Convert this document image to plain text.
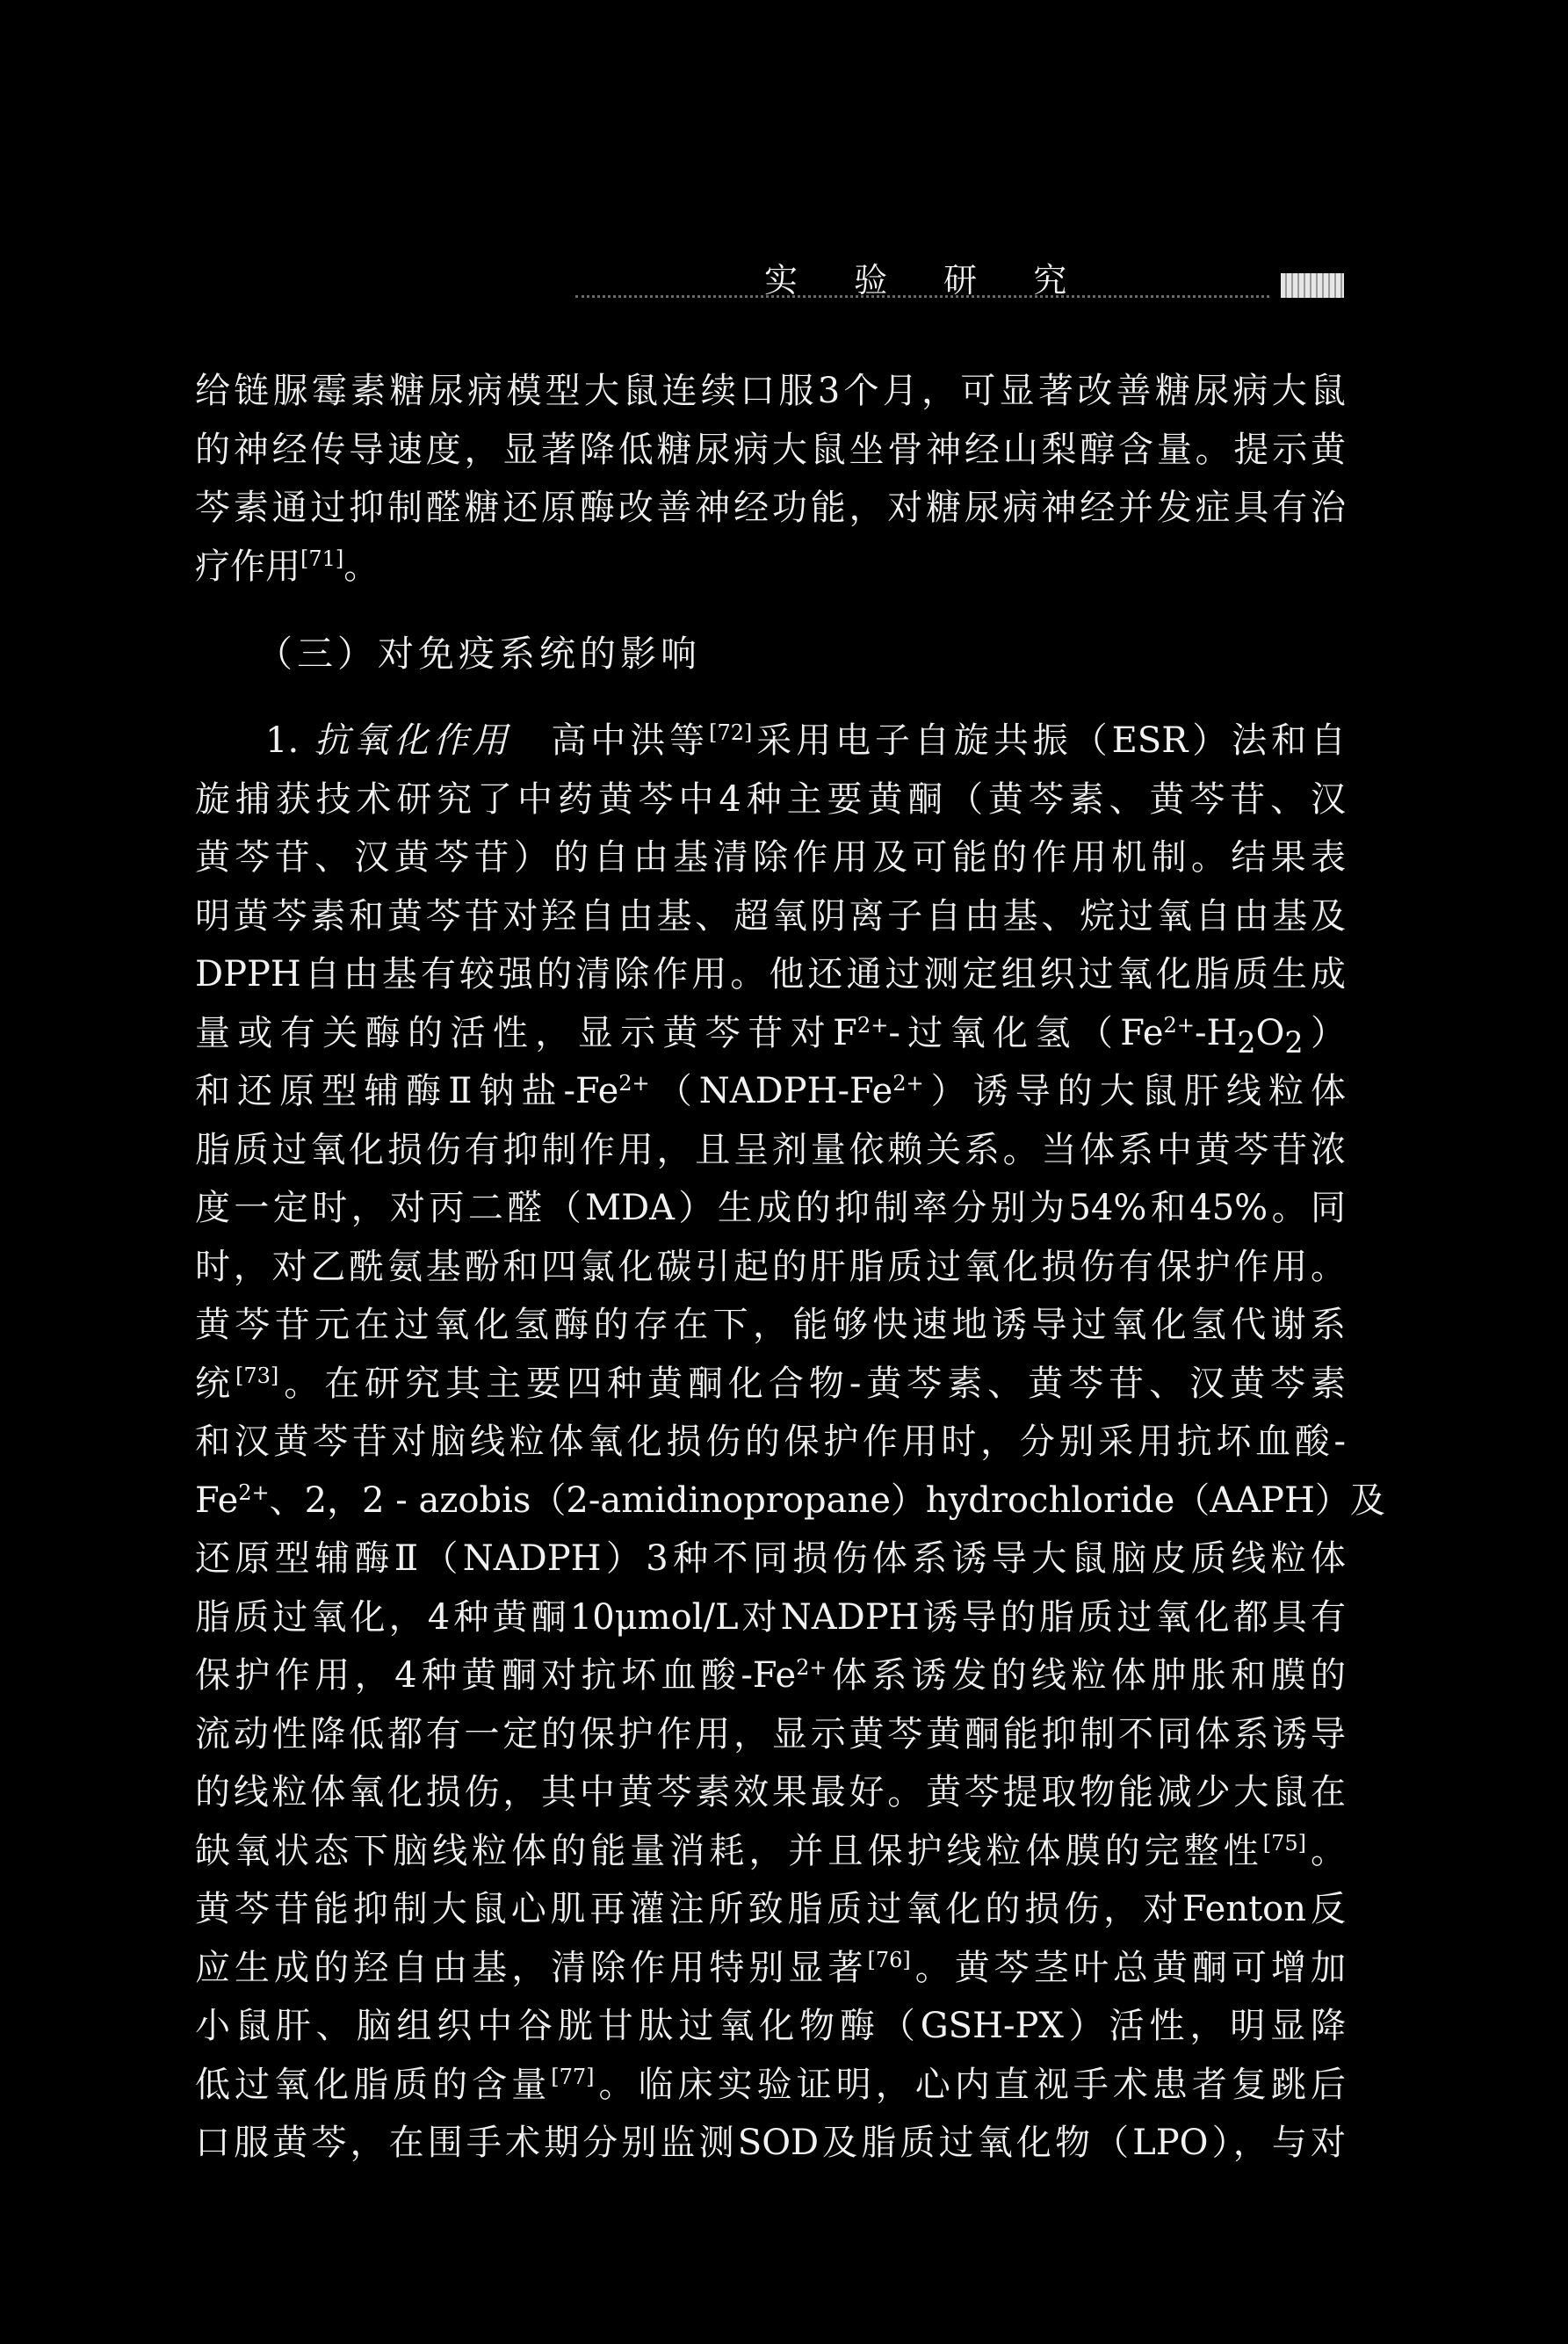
实 验 研 究
给链脲霉素糖尿病模型大鼠连续口服3个月，可显著改善糖尿病大鼠
的神经传导速度，显著降低糖尿病大鼠坐骨神经山梨醇含量。提示黄
芩素通过抑制醛糖还原酶改善神经功能，对糖尿病神经并发症具有治
疗作用[71]。
（三）对免疫系统的影响
1. 抗氧化作用　 高中洪等[72]采用电子自旋共振（ESR）法和自
旋捕获技术研究了中药黄芩中4种主要黄酮（黄芩素、黄芩苷、汉
黄芩苷、汉黄芩苷）的自由基清除作用及可能的作用机制。结果表
明黄芩素和黄芩苷对羟自由基、超氧阴离子自由基、烷过氧自由基及
DPPH自由基有较强的清除作用。他还通过测定组织过氧化脂质生成
量或有关酶的活性，显示黄芩苷对$F^{2+}-$过氧化氢$(Fe^{2+}-H_2O_2)$
和还原型辅酶Ⅱ钠盐$-Fe^{2+}(NADPH-Fe^{2+})$诱导的大鼠肝线粒体
脂质过氧化损伤有抑制作用，且呈剂量依赖关系。当体系中黄芩苷浓
度一定时，对丙二醛（MDA）生成的抑制率分别为54%和45%。同
时，对乙酰氨基酚和四氯化碳引起的肝脂质过氧化损伤有保护作用。
黄芩苷元在过氧化氢酶的存在下，能够快速地诱导过氧化氢代谢系
统[73]。在研究其主要四种黄酮化合物-黄芩素、黄芩苷、汉黄芩素
和汉黄芩苷对脑线粒体氧化损伤的保护作用时，分别采用抗坏血酸-
$Fe^{2+}$、2，2 - azobis（2-amidinopropane）hydrochloride（AAPH）及
还原型辅酶Ⅱ（NADPH）3种不同损伤体系诱导大鼠脑皮质线粒体
脂质过氧化，4种黄酮10μmol/L对NADPH诱导的脂质过氧化都具有
保护作用，4种黄酮对抗坏血酸$-Fe^{2+}$体系诱发的线粒体肿胀和膜的
流动性降低都有一定的保护作用，显示黄芩黄酮能抑制不同体系诱导
的线粒体氧化损伤，其中黄芩素效果最好。黄芩提取物能减少大鼠在
缺氧状态下脑线粒体的能量消耗，并且保护线粒体膜的完整性[75]。
黄芩苷能抑制大鼠心肌再灌注所致脂质过氧化的损伤，对Fenton反
应生成的羟自由基，清除作用特别显著[76]。黄芩茎叶总黄酮可增加
小鼠肝、脑组织中谷胱甘肽过氧化物酶（GSH-PX）活性，明显降
低过氧化脂质的含量[77]。临床实验证明，心内直视手术患者复跳后
口服黄芩，在围手术期分别监测SOD及脂质过氧化物（LPO），与对
